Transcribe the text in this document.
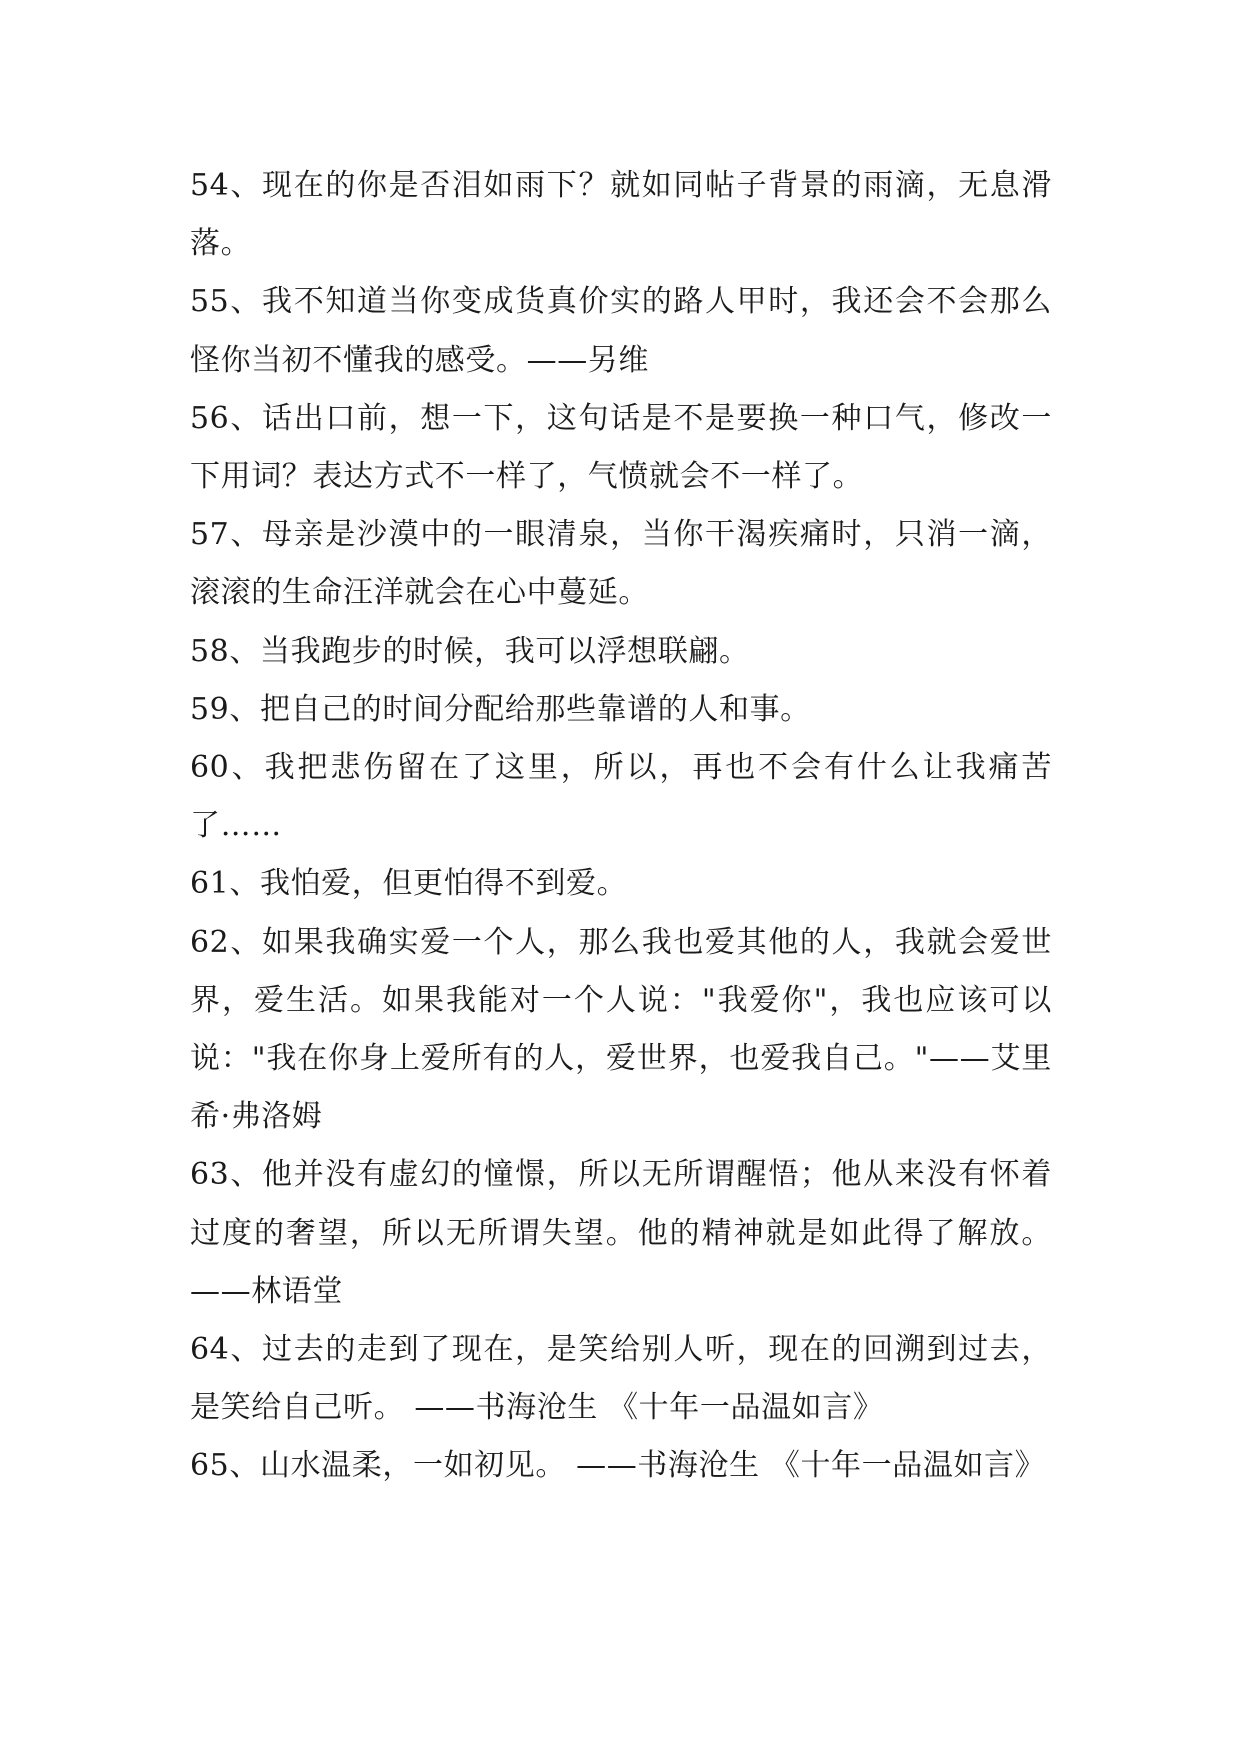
54、现在的你是否泪如雨下？就如同帖子背景的雨滴，无息滑落。

55、我不知道当你变成货真价实的路人甲时，我还会不会那么怪你当初不懂我的感受。——另维

56、话出口前，想一下，这句话是不是要换一种口气，修改一下用词？表达方式不一样了，气愤就会不一样了。

57、母亲是沙漠中的一眼清泉，当你干渴疾痛时，只消一滴，滚滚的生命汪洋就会在心中蔓延。

58、当我跑步的时候，我可以浮想联翩。

59、把自己的时间分配给那些靠谱的人和事。

60、我把悲伤留在了这里，所以，再也不会有什么让我痛苦了……

61、我怕爱，但更怕得不到爱。

62、如果我确实爱一个人，那么我也爱其他的人，我就会爱世界，爱生活。如果我能对一个人说："我爱你"，我也应该可以说："我在你身上爱所有的人，爱世界，也爱我自己。"——艾里希·弗洛姆

63、他并没有虚幻的憧憬，所以无所谓醒悟；他从来没有怀着过度的奢望，所以无所谓失望。他的精神就是如此得了解放。——林语堂

64、过去的走到了现在，是笑给别人听，现在的回溯到过去，是笑给自己听。 ——书海沧生 《十年一品温如言》

65、山水温柔，一如初见。 ——书海沧生 《十年一品温如言》
